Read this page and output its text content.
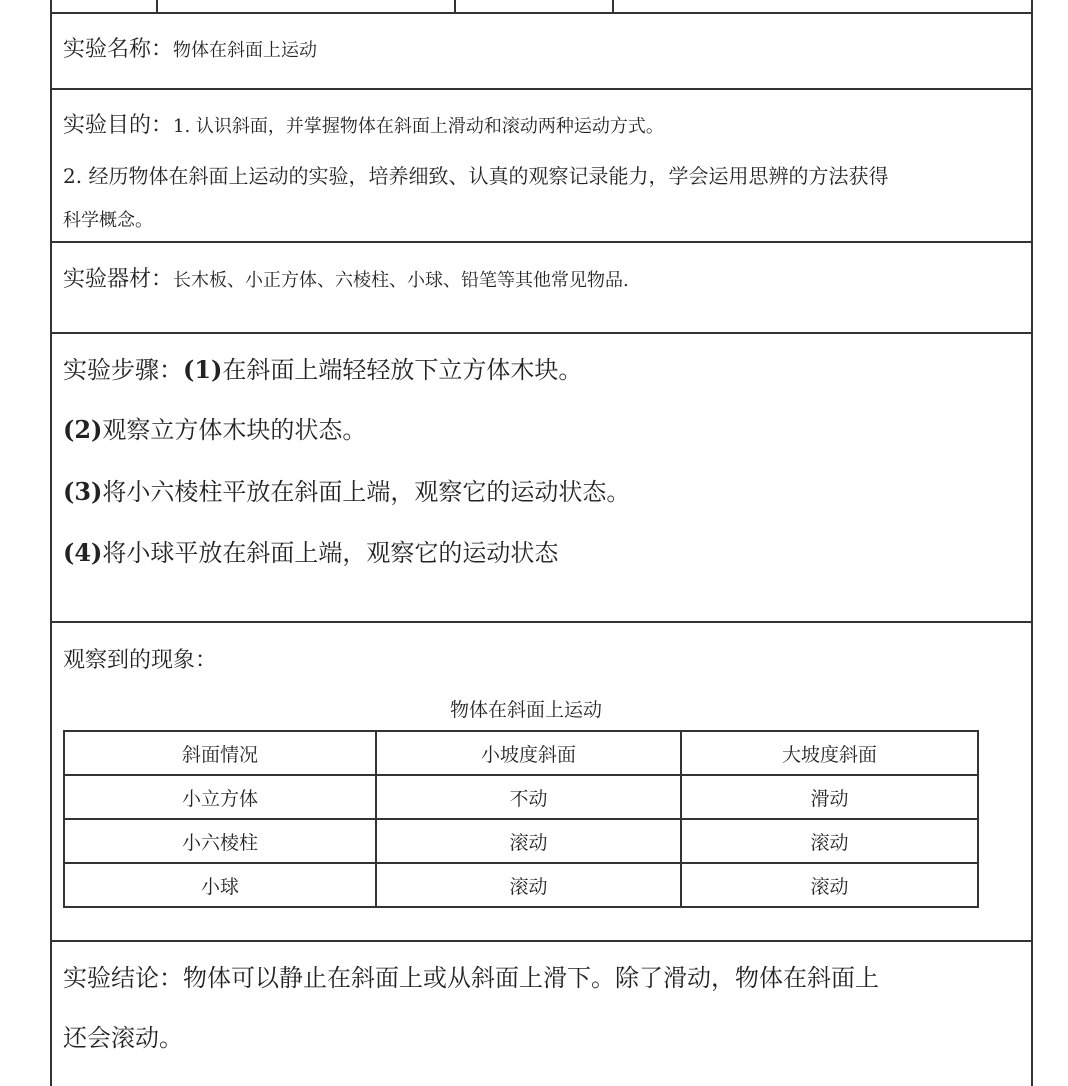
实验名称：物体在斜面上运动
实验目的：1. 认识斜面，并掌握物体在斜面上滑动和滚动两种运动方式。
2. 经历物体在斜面上运动的实验，培养细致、认真的观察记录能力，学会运用思辨的方法获得
科学概念。
实验器材：长木板、小正方体、六棱柱、小球、铅笔等其他常见物品.
实验步骤：(1)在斜面上端轻轻放下立方体木块。
(2)观察立方体木块的状态。
(3)将小六棱柱平放在斜面上端，观察它的运动状态。
(4)将小球平放在斜面上端，观察它的运动状态
观察到的现象：
物体在斜面上运动
斜面情况	小坡度斜面	大坡度斜面
小立方体	不动	滑动
小六棱柱	滚动	滚动
小球	滚动	滚动
实验结论：物体可以静止在斜面上或从斜面上滑下。除了滑动，物体在斜面上
还会滚动。
